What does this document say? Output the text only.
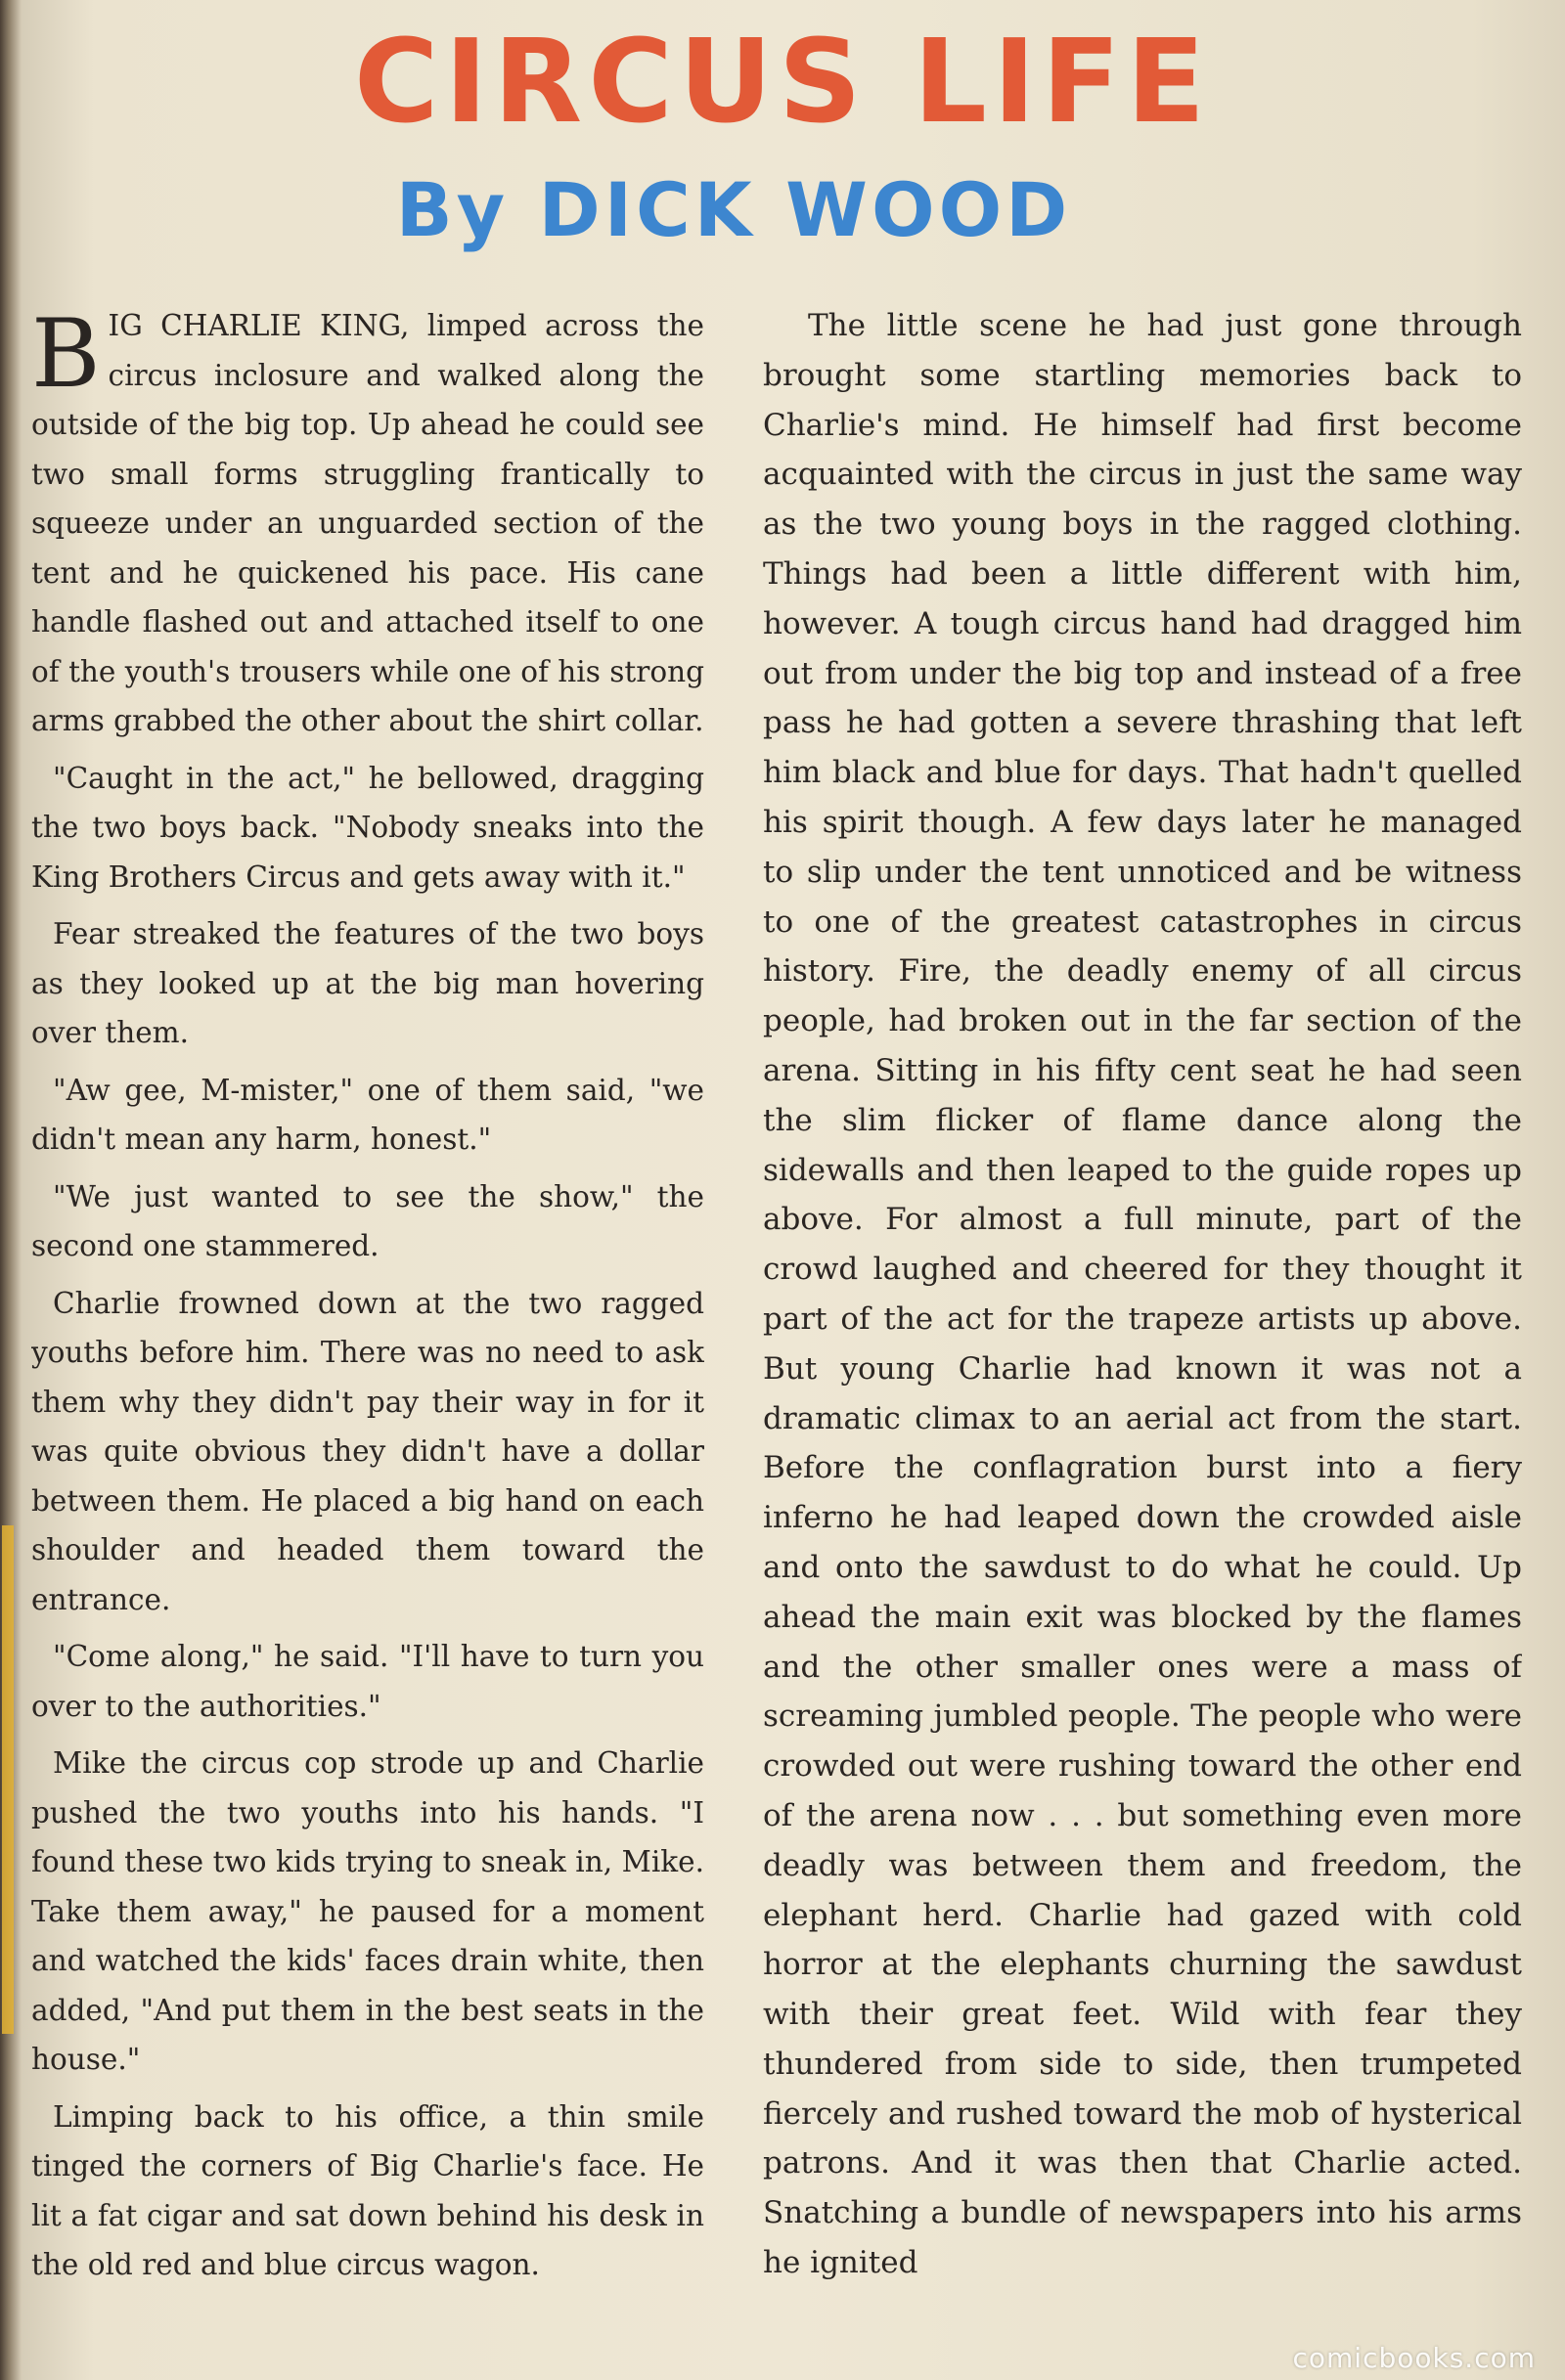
CIRCUS LIFE
By DICK WOOD

BIG CHARLIE KING, limped across the circus inclosure and walked along the outside of the big top. Up ahead he could see two small forms struggling frantically to squeeze under an unguarded section of the tent and he quickened his pace. His cane handle flashed out and attached itself to one of the youth's trousers while one of his strong arms grabbed the other about the shirt collar.

"Caught in the act," he bellowed, dragging the two boys back. "Nobody sneaks into the King Brothers Circus and gets away with it."

Fear streaked the features of the two boys as they looked up at the big man hovering over them.

"Aw gee, M-mister," one of them said, "we didn't mean any harm, honest."

"We just wanted to see the show," the second one stammered.

Charlie frowned down at the two ragged youths before him. There was no need to ask them why they didn't pay their way in for it was quite obvious they didn't have a dollar between them. He placed a big hand on each shoulder and headed them toward the entrance.

"Come along," he said. "I'll have to turn you over to the authorities."

Mike the circus cop strode up and Charlie pushed the two youths into his hands. "I found these two kids trying to sneak in, Mike. Take them away," he paused for a moment and watched the kids' faces drain white, then added, "And put them in the best seats in the house."

Limping back to his office, a thin smile tinged the corners of Big Charlie's face. He lit a fat cigar and sat down behind his desk in the old red and blue circus wagon.

The little scene he had just gone through brought some startling memories back to Charlie's mind. He himself had first become acquainted with the circus in just the same way as the two young boys in the ragged clothing. Things had been a little different with him, however. A tough circus hand had dragged him out from under the big top and instead of a free pass he had gotten a severe thrashing that left him black and blue for days. That hadn't quelled his spirit though. A few days later he managed to slip under the tent unnoticed and be witness to one of the greatest catastrophes in circus history. Fire, the deadly enemy of all circus people, had broken out in the far section of the arena. Sitting in his fifty cent seat he had seen the slim flicker of flame dance along the sidewalls and then leaped to the guide ropes up above. For almost a full minute, part of the crowd laughed and cheered for they thought it part of the act for the trapeze artists up above. But young Charlie had known it was not a dramatic climax to an aerial act from the start. Before the conflagration burst into a fiery inferno he had leaped down the crowded aisle and onto the sawdust to do what he could. Up ahead the main exit was blocked by the flames and the other smaller ones were a mass of screaming jumbled people. The people who were crowded out were rushing toward the other end of the arena now . . . but something even more deadly was between them and freedom, the elephant herd. Charlie had gazed with cold horror at the elephants churning the sawdust with their great feet. Wild with fear they thundered from side to side, then trumpeted fiercely and rushed toward the mob of hysterical patrons. And it was then that Charlie acted. Snatching a bundle of newspapers into his arms he ignited

comicbooks.com
